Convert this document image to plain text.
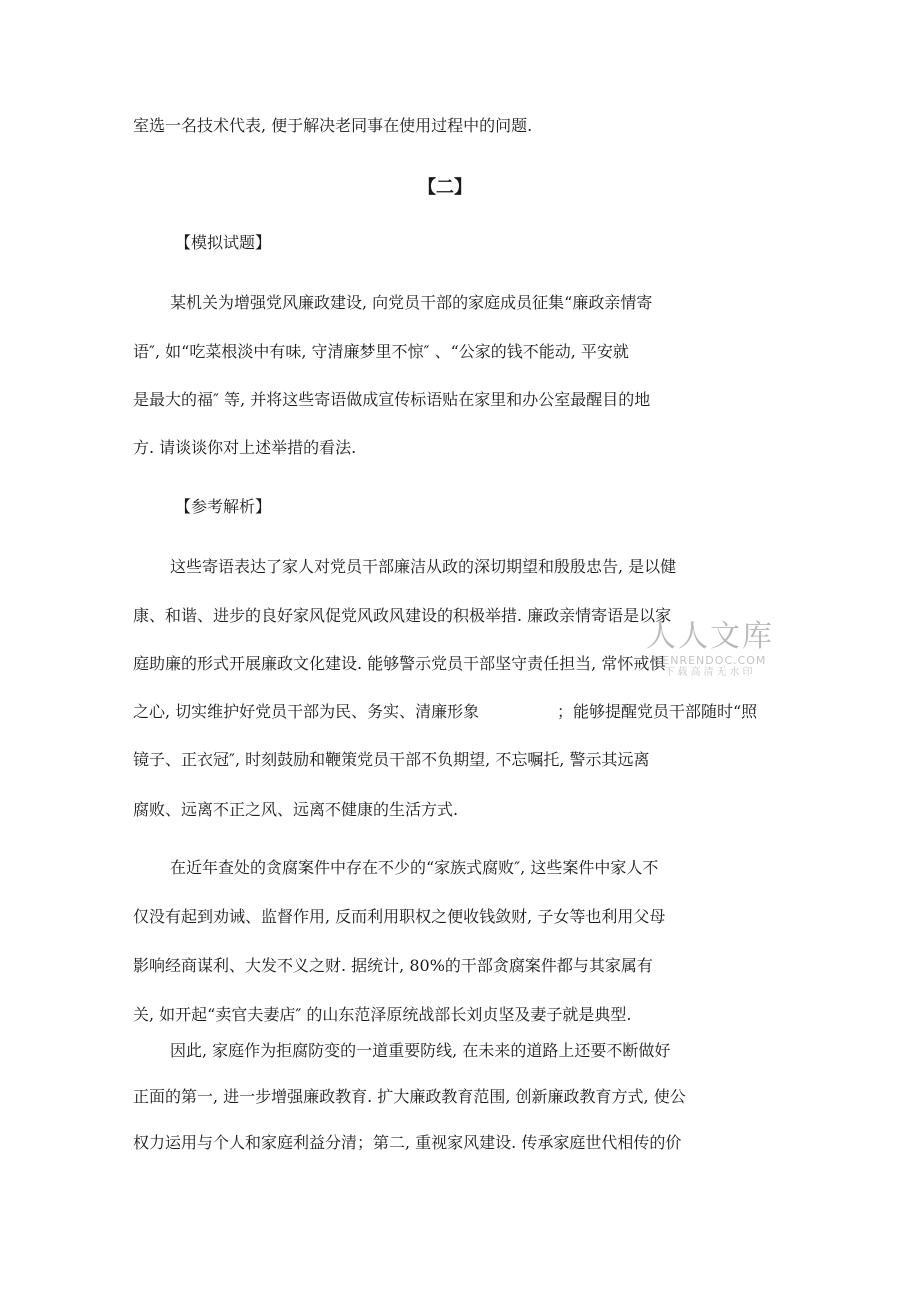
室选一名技术代表, 便于解决老同事在使用过程中的问题.
【二】
【模拟试题】
某机关为增强党风廉政建设, 向党员干部的家庭成员征集“廉政亲情寄
语″, 如“吃菜根淡中有味, 守清廉梦里不惊″ 、“公家的钱不能动, 平安就
是最大的福″ 等, 并将这些寄语做成宣传标语贴在家里和办公室最醒目的地
方. 请谈谈你对上述举措的看法.
【参考解析】
这些寄语表达了家人对党员干部廉洁从政的深切期望和殷殷忠告, 是以健
康、和谐、进步的良好家风促党风政风建设的积极举措. 廉政亲情寄语是以家
庭助廉的形式开展廉政文化建设. 能够警示党员干部坚守责任担当, 常怀戒惧
之心, 切实维护好党员干部为民、务实、清廉形象	；能够提醒党员干部随时“照
镜子、正衣冠″, 时刻鼓励和鞭策党员干部不负期望, 不忘嘱托, 警示其远离
腐败、远离不正之风、远离不健康的生活方式.
在近年查处的贪腐案件中存在不少的“家族式腐败″, 这些案件中家人不
仅没有起到劝诫、监督作用, 反而利用职权之便收钱敛财, 子女等也利用父母
影响经商谋利、大发不义之财. 据统计, 80%的干部贪腐案件都与其家属有
关, 如开起“卖官夫妻店″ 的山东范泽原统战部长刘贞坚及妻子就是典型.
因此, 家庭作为拒腐防变的一道重要防线, 在未来的道路上还要不断做好
正面的第一, 进一步增强廉政教育. 扩大廉政教育范围, 创新廉政教育方式, 使公
权力运用与个人和家庭利益分清；第二, 重视家风建设. 传承家庭世代相传的价
人人文库
RENRENDOC.COM
下载高清无水印
